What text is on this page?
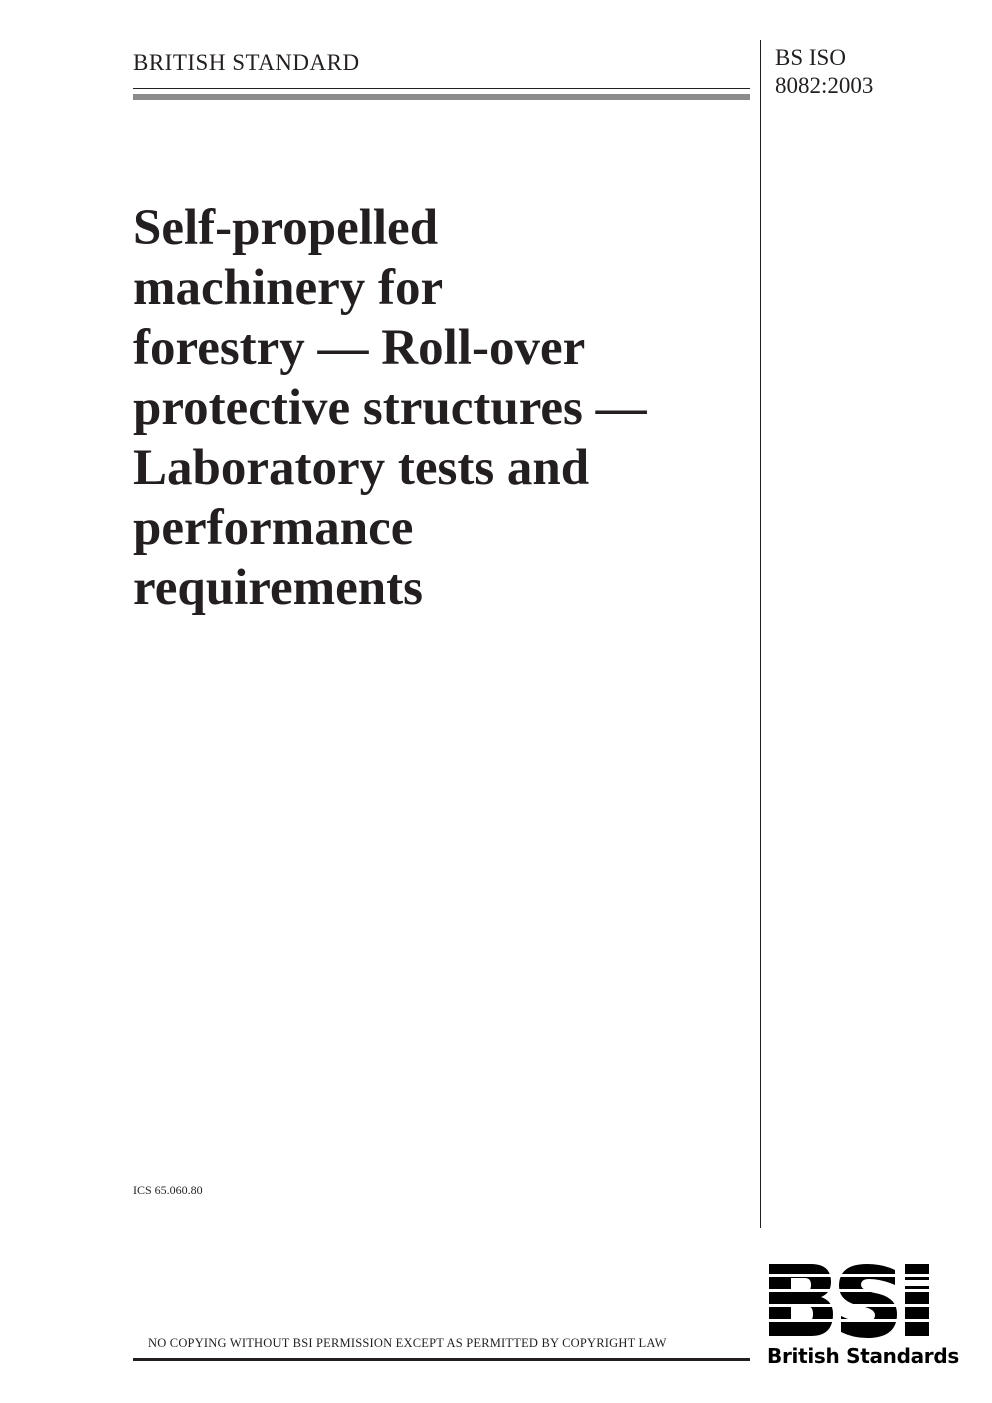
BRITISH STANDARD	BS ISO
8082:2003
Self-propelled
machinery for
forestry — Roll-over
protective structures —
Laboratory tests and
performance
requirements
ICS 65.060.80
NO COPYING WITHOUT BSI PERMISSION EXCEPT AS PERMITTED BY COPYRIGHT LAW
British Standards
